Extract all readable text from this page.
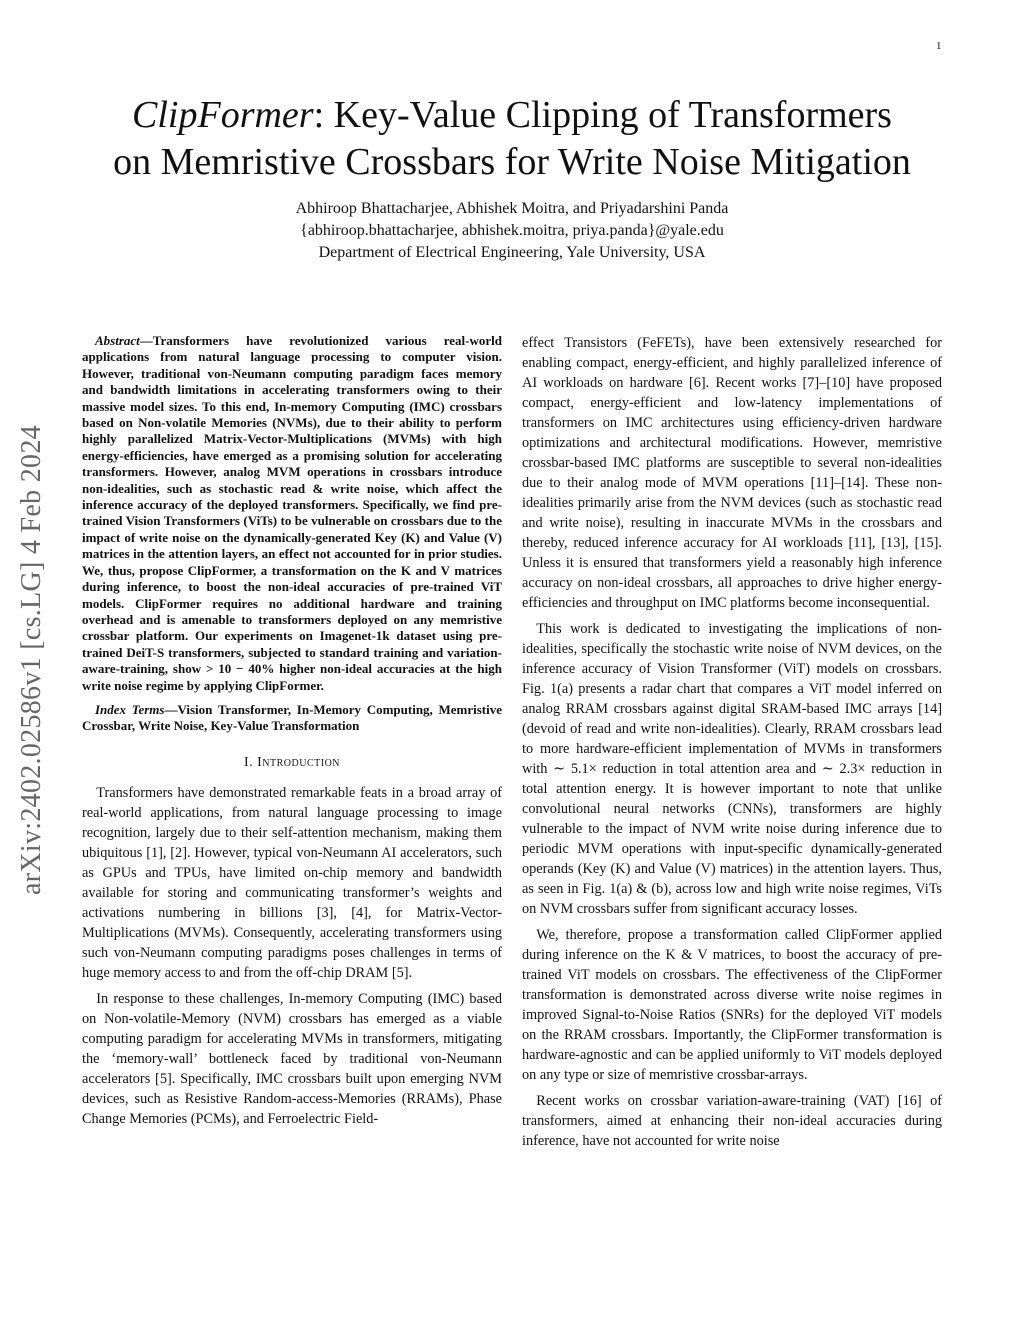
1
arXiv:2402.02586v1 [cs.LG] 4 Feb 2024
ClipFormer: Key-Value Clipping of Transformers
on Memristive Crossbars for Write Noise Mitigation
Abhiroop Bhattacharjee, Abhishek Moitra, and Priyadarshini Panda
{abhiroop.bhattacharjee, abhishek.moitra, priya.panda}@yale.edu
Department of Electrical Engineering, Yale University, USA

Abstract—Transformers have revolutionized various real-world applications from natural language processing to computer vision. However, traditional von-Neumann computing paradigm faces memory and bandwidth limitations in accelerating transformers owing to their massive model sizes. To this end, In-memory Computing (IMC) crossbars based on Non-volatile Memories (NVMs), due to their ability to perform highly parallelized Matrix-Vector-Multiplications (MVMs) with high energy-efficiencies, have emerged as a promising solution for accelerating transformers. However, analog MVM operations in crossbars introduce non-idealities, such as stochastic read & write noise, which affect the inference accuracy of the deployed transformers. Specifically, we find pre-trained Vision Transformers (ViTs) to be vulnerable on crossbars due to the impact of write noise on the dynamically-generated Key (K) and Value (V) matrices in the attention layers, an effect not accounted for in prior studies. We, thus, propose ClipFormer, a transformation on the K and V matrices during inference, to boost the non-ideal accuracies of pre-trained ViT models. ClipFormer requires no additional hardware and training overhead and is amenable to transformers deployed on any memristive crossbar platform. Our experiments on Imagenet-1k dataset using pre-trained DeiT-S transformers, subjected to standard training and variation-aware-training, show > 10 − 40% higher non-ideal accuracies at the high write noise regime by applying ClipFormer.

Index Terms—Vision Transformer, In-Memory Computing, Memristive Crossbar, Write Noise, Key-Value Transformation

I. Introduction

Transformers have demonstrated remarkable feats in a broad array of real-world applications, from natural language processing to image recognition, largely due to their self-attention mechanism, making them ubiquitous [1], [2]. However, typical von-Neumann AI accelerators, such as GPUs and TPUs, have limited on-chip memory and bandwidth available for storing and communicating transformer’s weights and activations numbering in billions [3], [4], for Matrix-Vector-Multiplications (MVMs). Consequently, accelerating transformers using such von-Neumann computing paradigms poses challenges in terms of huge memory access to and from the off-chip DRAM [5].

In response to these challenges, In-memory Computing (IMC) based on Non-volatile-Memory (NVM) crossbars has emerged as a viable computing paradigm for accelerating MVMs in transformers, mitigating the ‘memory-wall’ bottleneck faced by traditional von-Neumann accelerators [5]. Specifically, IMC crossbars built upon emerging NVM devices, such as Resistive Random-access-Memories (RRAMs), Phase Change Memories (PCMs), and Ferroelectric Field-

effect Transistors (FeFETs), have been extensively researched for enabling compact, energy-efficient, and highly parallelized inference of AI workloads on hardware [6]. Recent works [7]–[10] have proposed compact, energy-efficient and low-latency implementations of transformers on IMC architectures using efficiency-driven hardware optimizations and architectural modifications. However, memristive crossbar-based IMC platforms are susceptible to several non-idealities due to their analog mode of MVM operations [11]–[14]. These non-idealities primarily arise from the NVM devices (such as stochastic read and write noise), resulting in inaccurate MVMs in the crossbars and thereby, reduced inference accuracy for AI workloads [11], [13], [15]. Unless it is ensured that transformers yield a reasonably high inference accuracy on non-ideal crossbars, all approaches to drive higher energy-efficiencies and throughput on IMC platforms become inconsequential.

This work is dedicated to investigating the implications of non-idealities, specifically the stochastic write noise of NVM devices, on the inference accuracy of Vision Transformer (ViT) models on crossbars. Fig. 1(a) presents a radar chart that compares a ViT model inferred on analog RRAM crossbars against digital SRAM-based IMC arrays [14] (devoid of read and write non-idealities). Clearly, RRAM crossbars lead to more hardware-efficient implementation of MVMs in transformers with ∼ 5.1× reduction in total attention area and ∼ 2.3× reduction in total attention energy. It is however important to note that unlike convolutional neural networks (CNNs), transformers are highly vulnerable to the impact of NVM write noise during inference due to periodic MVM operations with input-specific dynamically-generated operands (Key (K) and Value (V) matrices) in the attention layers. Thus, as seen in Fig. 1(a) & (b), across low and high write noise regimes, ViTs on NVM crossbars suffer from significant accuracy losses.

We, therefore, propose a transformation called ClipFormer applied during inference on the K & V matrices, to boost the accuracy of pre-trained ViT models on crossbars. The effectiveness of the ClipFormer transformation is demonstrated across diverse write noise regimes in improved Signal-to-Noise Ratios (SNRs) for the deployed ViT models on the RRAM crossbars. Importantly, the ClipFormer transformation is hardware-agnostic and can be applied uniformly to ViT models deployed on any type or size of memristive crossbar-arrays.

Recent works on crossbar variation-aware-training (VAT) [16] of transformers, aimed at enhancing their non-ideal accuracies during inference, have not accounted for write noise
